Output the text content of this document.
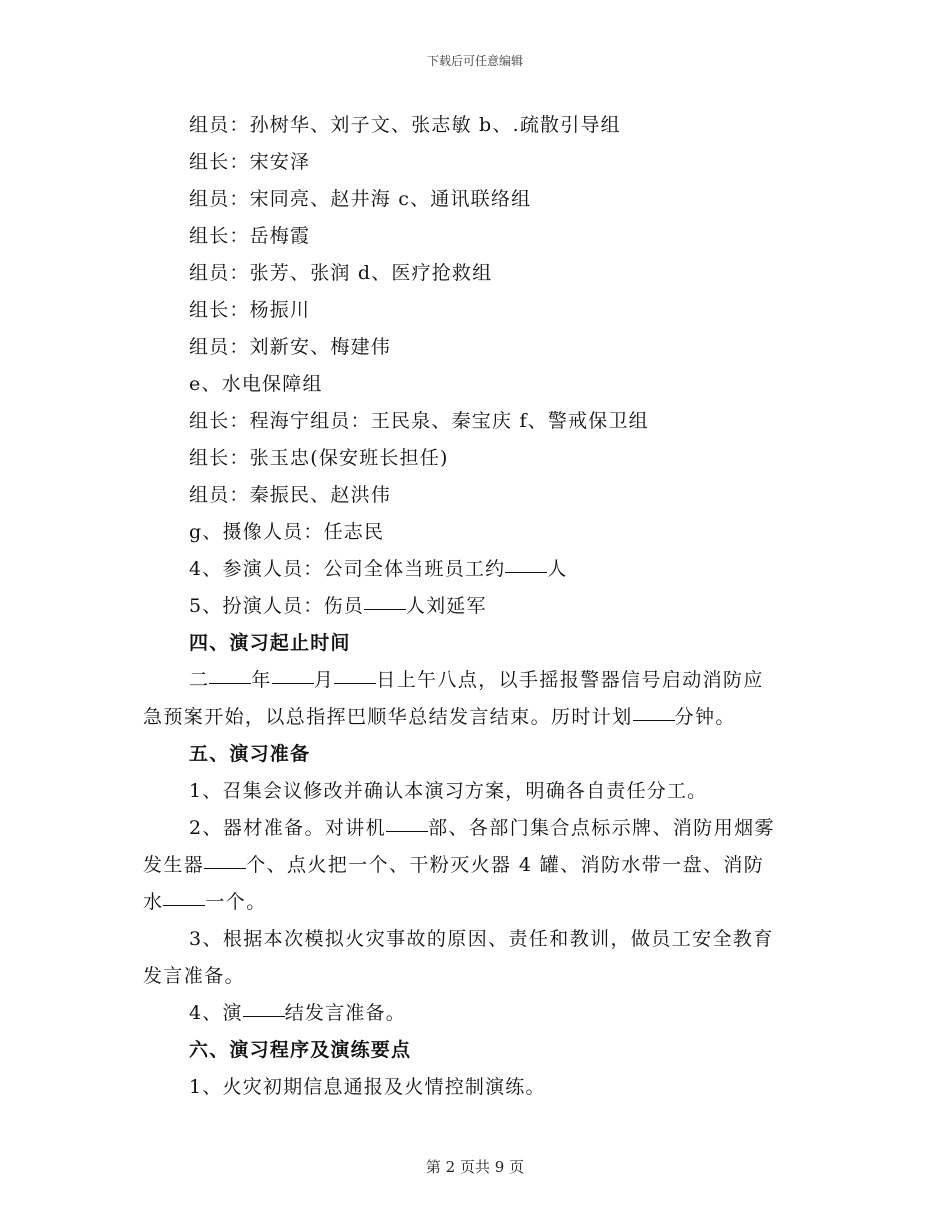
下载后可任意编辑
组员：孙树华、刘子文、张志敏 b、.疏散引导组
组长：宋安泽
组员：宋同亮、赵井海 c、通讯联络组
组长：岳梅霞
组员：张芳、张润 d、医疗抢救组
组长：杨振川
组员：刘新安、梅建伟
e、水电保障组
组长：程海宁组员：王民泉、秦宝庆 f、警戒保卫组
组长：张玉忠(保安班长担任)
组员：秦振民、赵洪伟
g、摄像人员：任志民
4、参演人员：公司全体当班员工约 人
5、扮演人员：伤员 人刘延军
四、演习起止时间
二 年 月 日上午八点，以手摇报警器信号启动消防应
急预案开始，以总指挥巴顺华总结发言结束。历时计划 分钟。
五、演习准备
1、召集会议修改并确认本演习方案，明确各自责任分工。
2、器材准备。对讲机 部、各部门集合点标示牌、消防用烟雾
发生器 个、点火把一个、干粉灭火器 4 罐、消防水带一盘、消防
水 一个。
3、根据本次模拟火灾事故的原因、责任和教训，做员工安全教育
发言准备。
4、演 结发言准备。
六、演习程序及演练要点
1、火灾初期信息通报及火情控制演练。
第 2 页共 9 页
